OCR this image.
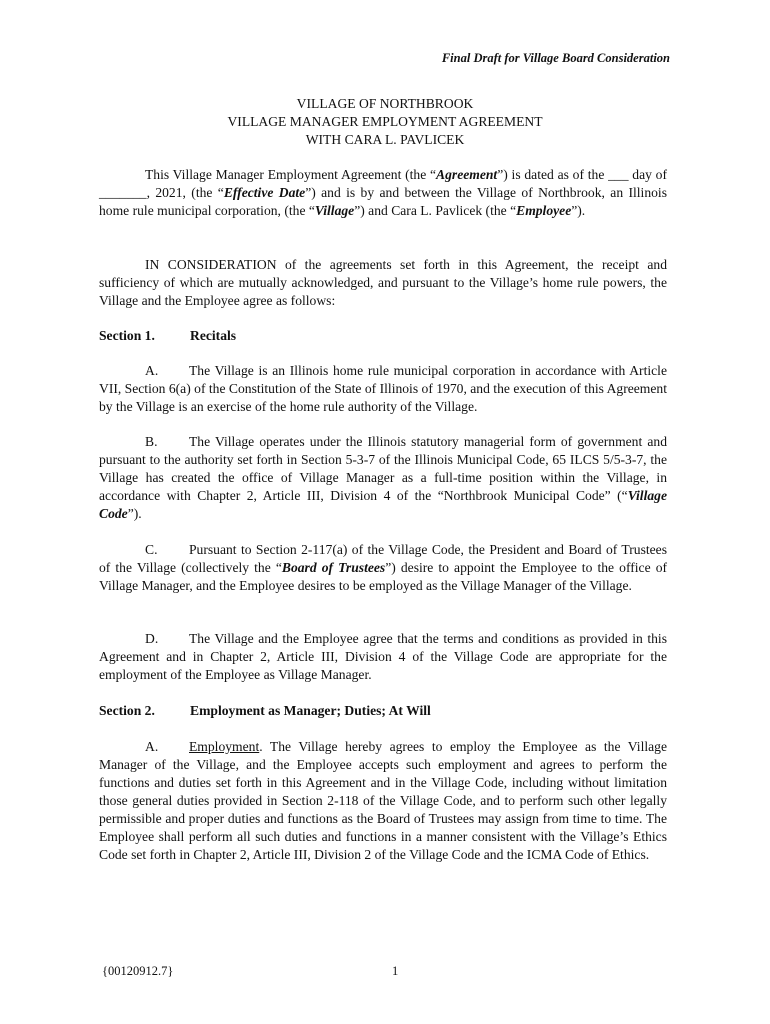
Final Draft for Village Board Consideration
VILLAGE OF NORTHBROOK
VILLAGE MANAGER EMPLOYMENT AGREEMENT
WITH CARA L. PAVLICEK

This Village Manager Employment Agreement (the “Agreement”) is dated as of the ___ day of _______, 2021, (the “Effective Date”) and is by and between the Village of Northbrook, an Illinois home rule municipal corporation, (the “Village”) and Cara L. Pavlicek (the “Employee”).

IN CONSIDERATION of the agreements set forth in this Agreement, the receipt and sufficiency of which are mutually acknowledged, and pursuant to the Village’s home rule powers, the Village and the Employee agree as follows:

Section 1.	Recitals

A. The Village is an Illinois home rule municipal corporation in accordance with Article VII, Section 6(a) of the Constitution of the State of Illinois of 1970, and the execution of this Agreement by the Village is an exercise of the home rule authority of the Village.

B. The Village operates under the Illinois statutory managerial form of government and pursuant to the authority set forth in Section 5-3-7 of the Illinois Municipal Code, 65 ILCS 5/5-3-7, the Village has created the office of Village Manager as a full-time position within the Village, in accordance with Chapter 2, Article III, Division 4 of the “Northbrook Municipal Code” (“Village Code”).

C. Pursuant to Section 2-117(a) of the Village Code, the President and Board of Trustees of the Village (collectively the “Board of Trustees”) desire to appoint the Employee to the office of Village Manager, and the Employee desires to be employed as the Village Manager of the Village.

D. The Village and the Employee agree that the terms and conditions as provided in this Agreement and in Chapter 2, Article III, Division 4 of the Village Code are appropriate for the employment of the Employee as Village Manager.

Section 2.	Employment as Manager; Duties; At Will

A. Employment. The Village hereby agrees to employ the Employee as the Village Manager of the Village, and the Employee accepts such employment and agrees to perform the functions and duties set forth in this Agreement and in the Village Code, including without limitation those general duties provided in Section 2-118 of the Village Code, and to perform such other legally permissible and proper duties and functions as the Board of Trustees may assign from time to time. The Employee shall perform all such duties and functions in a manner consistent with the Village’s Ethics Code set forth in Chapter 2, Article III, Division 2 of the Village Code and the ICMA Code of Ethics.

{00120912.7}	1
